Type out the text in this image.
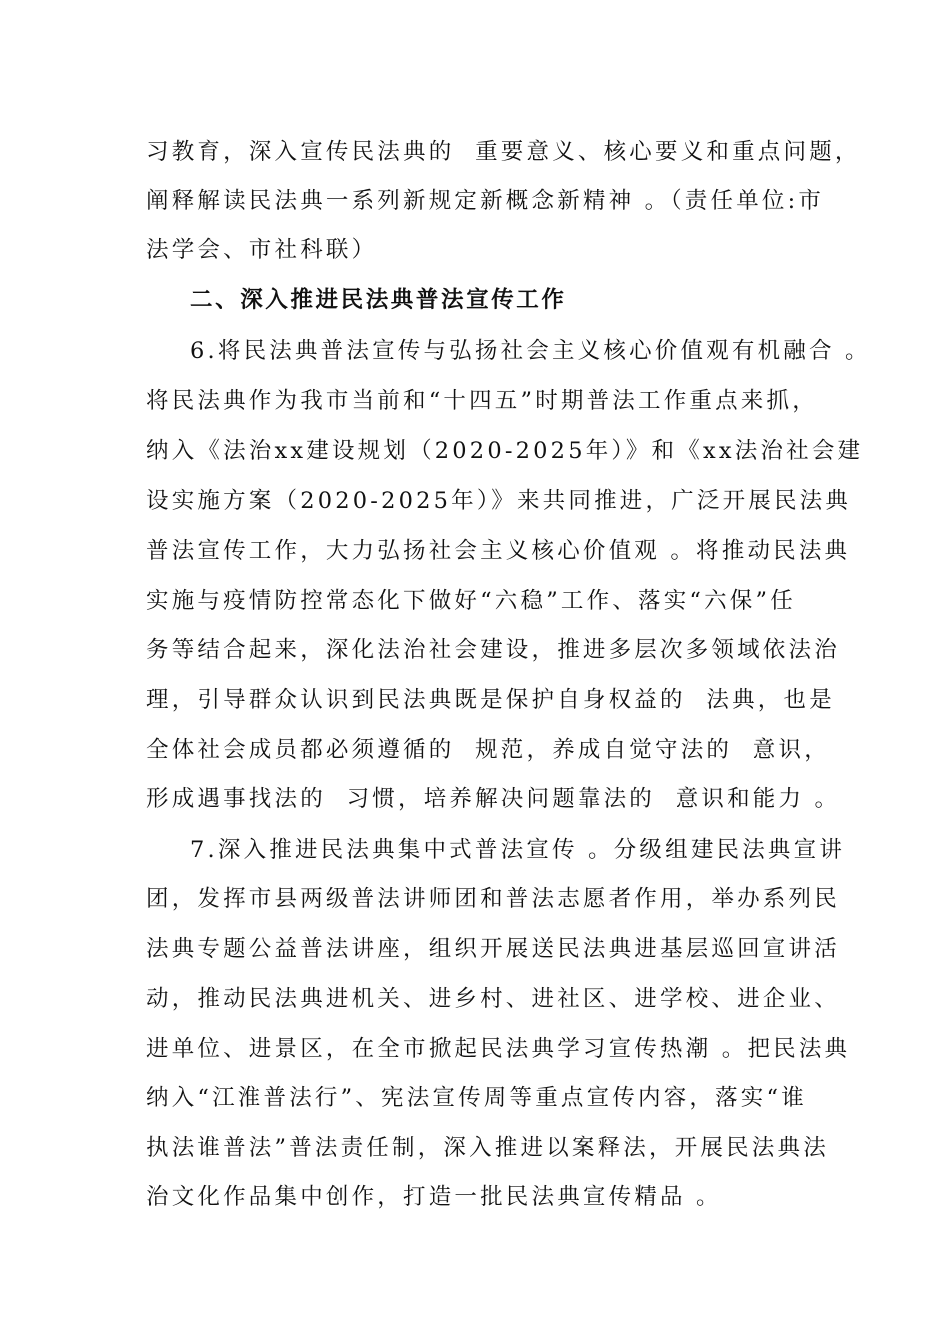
习教育，深入宣传民法典的  重要意义、核心要义和重点问题，
阐释解读民法典一系列新规定新概念新精神 。（责任单位:市
法学会、市社科联）
二、深入推进民法典普法宣传工作
6.将民法典普法宣传与弘扬社会主义核心价值观有机融合 。
将民法典作为我市当前和“十四五”时期普法工作重点来抓，
纳入《法治xx建设规划（2020-2025年）》和《xx法治社会建
设实施方案（2020-2025年）》来共同推进，广泛开展民法典
普法宣传工作，大力弘扬社会主义核心价值观 。将推动民法典
实施与疫情防控常态化下做好“六稳”工作、落实“六保”任
务等结合起来，深化法治社会建设，推进多层次多领域依法治
理，引导群众认识到民法典既是保护自身权益的  法典，也是
全体社会成员都必须遵循的  规范，养成自觉守法的  意识，
形成遇事找法的  习惯，培养解决问题靠法的  意识和能力 。
7.深入推进民法典集中式普法宣传 。分级组建民法典宣讲
团，发挥市县两级普法讲师团和普法志愿者作用，举办系列民
法典专题公益普法讲座，组织开展送民法典进基层巡回宣讲活
动，推动民法典进机关、进乡村、进社区、进学校、进企业、
进单位、进景区，在全市掀起民法典学习宣传热潮 。把民法典
纳入“江淮普法行”、宪法宣传周等重点宣传内容，落实“谁
执法谁普法”普法责任制，深入推进以案释法，开展民法典法
治文化作品集中创作，打造一批民法典宣传精品 。
